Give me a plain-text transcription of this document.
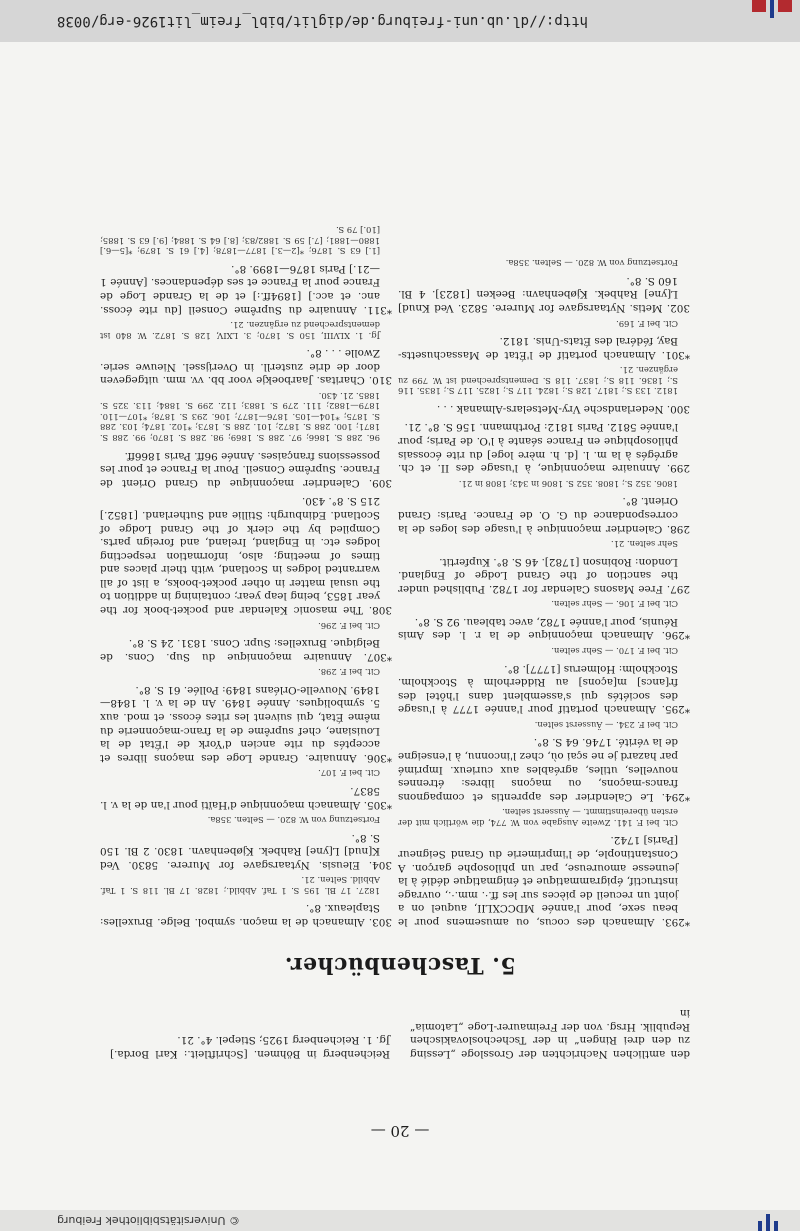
http://dl.ub.uni-freiburg.de/diglit/bibl_freim_lit1926-erg/0038
— 20 —
den amtlichen Nachrichten der Grosslogе „Lessing zu den drei Ringen“ in der Tschechoslovakischen Republik. Hrsg. von der Freimaurer-Loge „Latomia“ in
Reichenberg in Böhmen. [Schriftleit.: Karl Borda.] Jg. 1. Reichenberg 1925; Stiepel. 4°. 21.
5. Taschenbücher.
*293. Almanach des cocus, ou amusemens pour le beau sexe, pour l'année MDCCXLII, auquel on a joint un recueil de pièces sur les ff.·. mm.·., ouvrage instructif, épigrammatique et énigmatique dédié à la jeunesse amoureuse, par un philosophe garçon. A Constantinople, de l'imprimerie du Grand Seigneur [Paris] 1742.
Cit. bei F. 141. Zweite Ausgabe von W. 774, die wörtlich mit der ersten übereinstimmt. — Äusserst selten.
*294. Le Calendrier des apprentis et compagnons francs-maçons, ou maçons libres: étrennes nouvelles, utiles, agréables aux curieux. Imprimé par hazard je ne sçai où, chez l'inconnu, à l'enseigne de la vérité. 1746. 64 S. 8°.
Cit. bei F. 234. — Äusserst selten.
*295. Almanach portatif pour l'année 1777 à l'usage des sociétés qui s'assemblent dans l'hôtel des fr[ancs] m[açons] au Ridderholm à Stockholm. Stockholm: Holmerus [1777]. 8°.
Cit. bei F. 170. — Sehr selten.
*296. Almanach maçonnique de la r. l. des Amis Réunis, pour l'année 1782, avec tableau. 92 S. 8°.
Cit. bei F. 106. — Sehr selten.
297. Free Masons Calendar for 1782. Published under the sanction of the Grand Lodge of England. London: Robinson [1782]. 46 S. 8°. Kupfertit.
Sehr selten. 21.
298. Calendrier maçonnique à l'usage des loges de la correspondance du G. O. de France. Paris: Grand Orient. 8°.
1806. 352 S.; 1808. 352 S. 1806 in 343; 1808 in 21.
299. Annuaire maçonnique, à l'usage des II. et ch. agrégés à la m. l. [d. h. mère loge] du rite écossais philosophique en France séante à l'O. de Paris; pour l'année 5812. Paris 1812: Porthmann. 156 S. 8°. 21.
300. Nederlandsche Vry-Metselars-Almanak . . .
1812. 133 S.; 1817. 128 S.; 1824. 117 S.; 1825. 117 S.; 1835. 116 S.; 1836. 118 S.; 1837. 118 S. Dementsprechend ist W. 799 zu ergänzen. 21.
*301. Almanach portatif de l'État de Massachusetts-Bay, fédéral des États-Unis. 1812.
Cit. bei F. 169.
302. Metis. Nytaarsgave for Murere. 5823. Ved Knud] L[yne] Rahbek. Kjøbenhavn: Beeken [1823]. 4 Bl. 160 S. 8°.
Fortsetzung von W. 820. — Selten. 358a.
303. Almanach de la maçon. symbol. Belge. Bruxelles: Stapleaux. 8°.
1827. 17 Bl. 195 S. 1 Taf. Abbild.; 1828. 17 Bl. 118 S. 1 Taf. Abbild. Selten. 21.
304. Eleusis. Nytaarsgave for Murere. 5830. Ved K[nud] L[yne] Rahbek. Kjøbenhavn. 1830. 2 Bl. 150 S. 8°.
Fortsetzung von W. 820. — Selten. 358a.
*305. Almanach maçonnique d'Haïti pour l'an de la v. l. 5837.
Cit. bei F. 107.
*306. Annuaire. Grande Loge des maçons libres et acceptés du rite ancien d'York de l'État de la Louisiane, chef suprême de la franc-maçonnerie du même État, qui suivent les rites écoss. et mod. aux 5. symboliques. Année 1849. An de la v. l. 1848—1849. Nouvelle-Orléans 1849: Pollée. 61 S. 8°.
Cit. bei F. 298.
*307. Annuaire maçonnique du Sup. Cons. de Belgique. Bruxelles: Supr. Cons. 1831. 24 S. 8°.
Cit. bei F. 296.
308. The masonic Kalendar and pocket-book for the year 1853, being leap year; containing in addition to the usual matter in other pocket-books, a list of all warranted lodges in Scotland, with their places and times of meeting; also, information respecting lodges etc. in England, Ireland, and foreign parts. Compiled by the clerk of the Grand Lodge of Scotland. Edinburgh: Stillie and Sutherland. [1852.] 215 S. 8°. 430.
309. Calendrier maçonnique du Grand Orient de France. Suprême Conseil. Pour la France et pour les possessions françaises. Année 96ff. Paris 1866ff.
96. 288 S. 1866; 97. 288 S. 1869; 98. 288 S. 1870; 99. 288 S. 1871; 100. 288 S. 1872; 101. 288 S. 1873; *102. 1874; 103. 288 S. 1875; *104—105. 1876—1877; 106. 293 S. 1878; *107—110. 1879—1882; 111. 279 S. 1883; 112. 299 S. 1884; 113. 325 S. 1885. 21. 430.
310. Charitas. Jaarboekje voor bb. vv. mm. uitgegeven door de drie zusterll. in Overijssel. Nieuwe serie. Zwolle . . . 8°.
Jg. 1. XLVIII, 150 S. 1870; 3. LXIV, 128 S. 1872. W. 840 ist dementsprechend zu ergänzen. 21.
*311. Annuaire du Suprême Conseil [du rite écoss. anc. et acc.] [1894ff.:] et de la Grande Loge de France pour la France et ses dépendances. [Année 1—21.] Paris 1876—1899. 8°.
[1.] 63 S. 1876; *[2—3.] 1877—1878; [4.] 61 S. 1879; *[5—6.] 1880—1881; [7.] 59 S. 1882/83; [8.] 64 S. 1884; [9.] 63 S. 1885; [10.] 79 S.
© Universitätsbibliothek Freiburg
